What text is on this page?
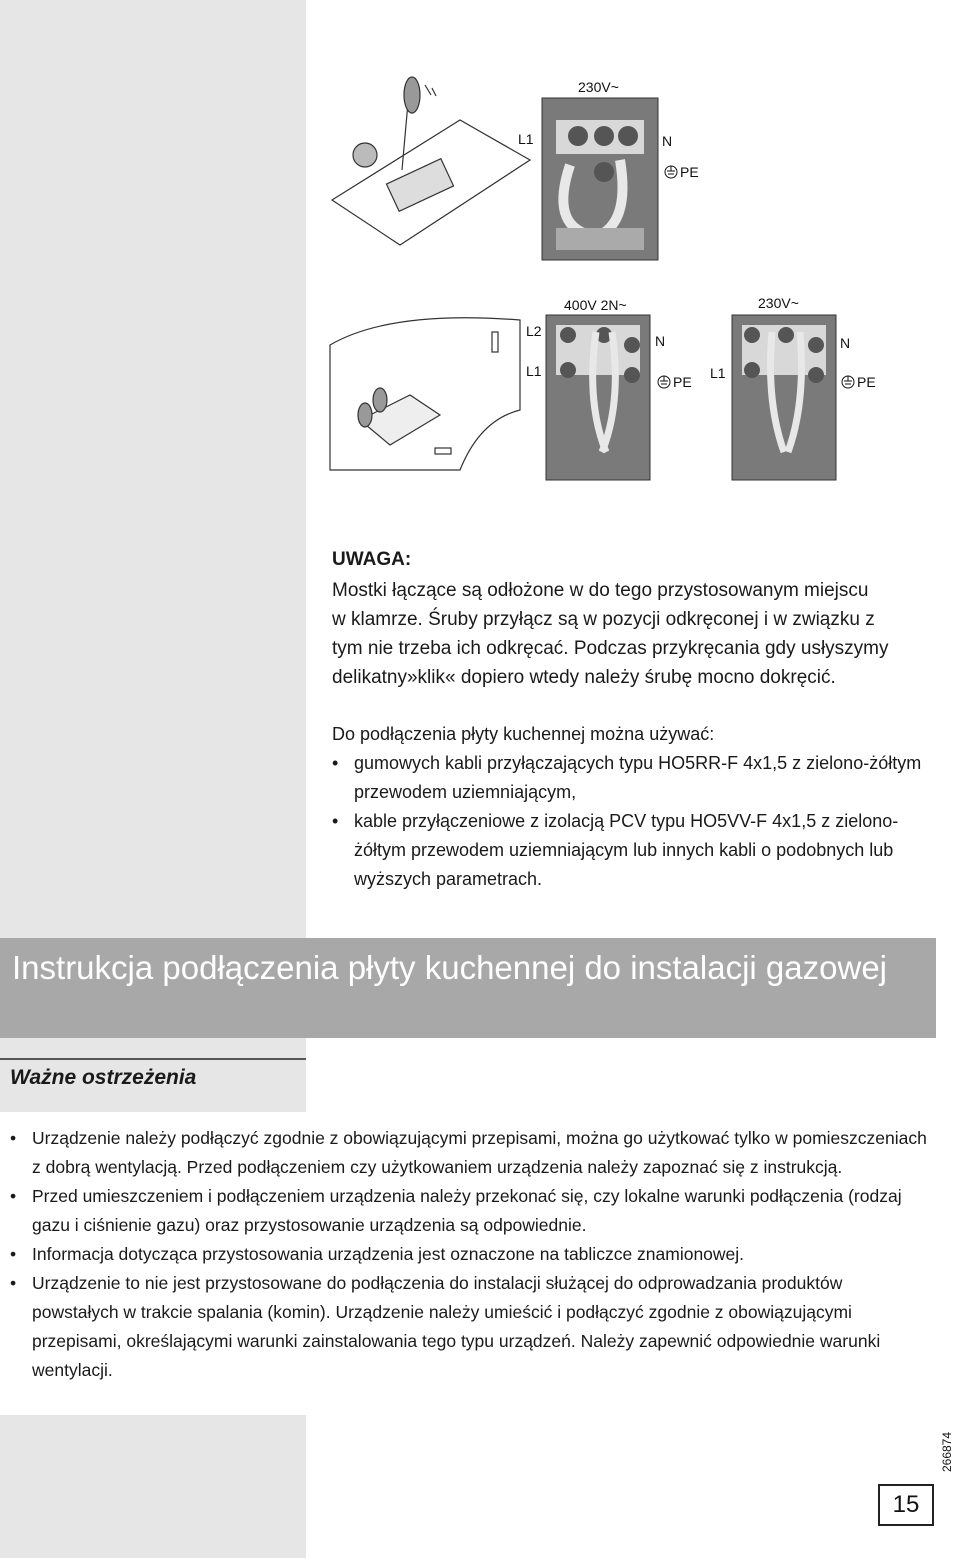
230V~
L1	N
PE
400V 2N~
L2
L1
N
PE
230V~
L1
N
PE
UWAGA:
Mostki łączące są odłożone w do tego przystosowanym miejscu
w klamrze. Śruby przyłącz są w pozycji odkręconej i w związku z
tym nie trzeba ich odkręcać. Podczas przykręcania gdy usłyszymy
delikatny»klik« dopiero wtedy należy śrubę mocno dokręcić.
Do podłączenia płyty kuchennej można używać:
• gumowych kabli przyłączających typu HO5RR-F 4x1,5 z zielono-żółtym przewodem uziemniającym,
• kable przyłączeniowe z izolacją PCV typu HO5VV-F 4x1,5 z zielono-żółtym przewodem uziemniającym lub innych kabli o podobnych lub wyższych parametrach.
Instrukcja podłączenia płyty kuchennej do instalacji gazowej
Ważne ostrzeżenia
• Urządzenie należy podłączyć zgodnie z obowiązującymi przepisami, można go użytkować tylko w pomieszczeniach z dobrą wentylacją. Przed podłączeniem czy użytkowaniem urządzenia należy zapoznać się z instrukcją.
• Przed umieszczeniem i podłączeniem urządzenia należy przekonać się, czy lokalne warunki podłączenia (rodzaj gazu i ciśnienie gazu) oraz przystosowanie urządzenia są odpowiednie.
• Informacja dotycząca przystosowania urządzenia jest oznaczone na tabliczce znamionowej.
• Urządzenie to nie jest przystosowane do podłączenia do instalacji służącej do odprowadzania produktów powstałych w trakcie spalania (komin). Urządzenie należy umieścić i podłączyć zgodnie z obowiązującymi przepisami, określającymi warunki zainstalowania tego typu urządzeń. Należy zapewnić odpowiednie warunki wentylacji.
266874
15
